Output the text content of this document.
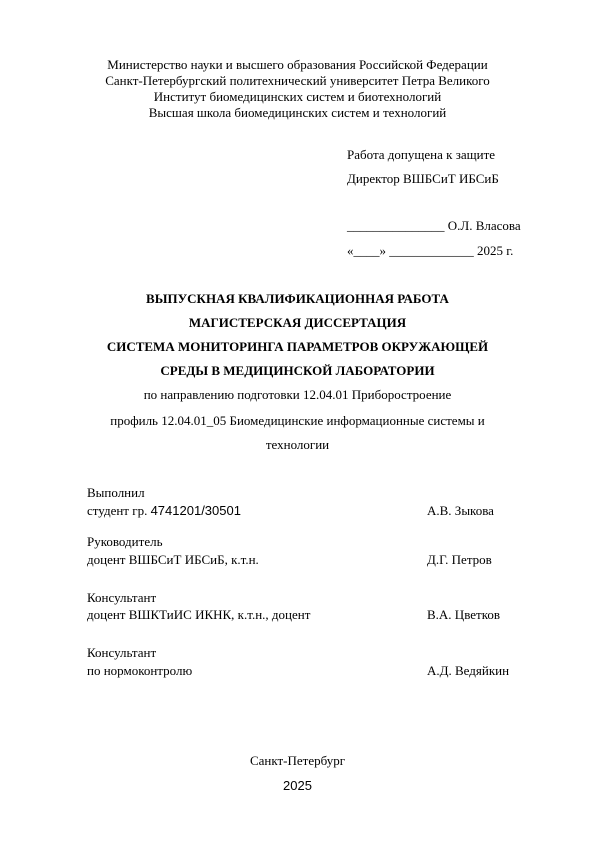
Министерство науки и высшего образования Российской Федерации
Санкт-Петербургский политехнический университет Петра Великого
Институт биомедицинских систем и биотехнологий
Высшая школа биомедицинских систем и технологий
Работа допущена к защите
Директор ВШБСиТ ИБСиБ
_______________ О.Л. Власова
«____» _____________ 2025 г.
ВЫПУСКНАЯ КВАЛИФИКАЦИОННАЯ РАБОТА
МАГИСТЕРСКАЯ ДИССЕРТАЦИЯ
СИСТЕМА МОНИТОРИНГА ПАРАМЕТРОВ ОКРУЖАЮЩЕЙ
СРЕДЫ В МЕДИЦИНСКОЙ ЛАБОРАТОРИИ
по направлению подготовки 12.04.01 Приборостроение
профиль 12.04.01_05 Биомедицинские информационные системы и
технологии
Выполнил
студент гр. 4741201/30501	А.В. Зыкова
Руководитель
доцент ВШБСиТ ИБСиБ, к.т.н.	Д.Г. Петров
Консультант
доцент ВШКТиИС ИКНК, к.т.н., доцент	В.А. Цветков
Консультант
по нормоконтролю	А.Д. Ведяйкин
Санкт-Петербург
2025
